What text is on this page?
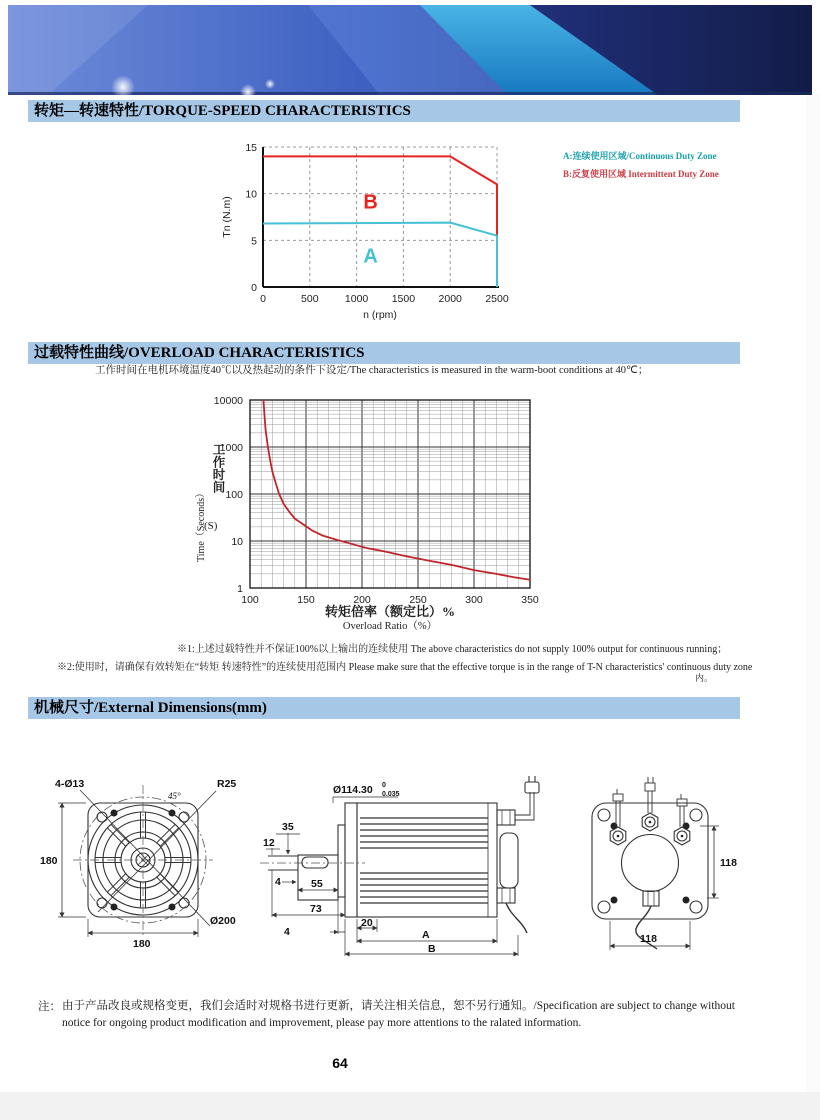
转矩—转速特性/TORQUE-SPEED CHARACTERISTICS
0	500	1000 1500 2000 2500
0
5
10
15
B
A
n (rpm)
Tn (N.m)
A:连续使用区域/Continuous Duty Zone
B:反复使用区域 Intermittent Duty Zone
过载特性曲线/OVERLOAD CHARACTERISTICS
工作时间在电机环境温度40℃以及热起动的条件下设定/The characteristics is measured in the warm-boot conditions at 40℃；
100	150	200	250	300	350
1
10
100
1000
10000
Time（Seconds）
工作时间
(S)
转矩倍率（额定比）%
Overload Ratio（%）
※1:上述过载特性并不保证100%以上输出的连续使用 The above characteristics do not supply 100% output for continuous running；
※2:使用时，请确保有效转矩在“转矩 转速特性”的连续使用范围内 Please make sure that the effective torque is in the range of T-N characteristics' continuous duty zone
内。
机械尺寸/External Dimensions(mm)
4-Ø13
45°
R25
180
180
Ø200
Ø114.30 0
0.035
35
12
4	55
73
4
20
A
B
118
118
注： 由于产品改良或规格变更，我们会适时对规格书进行更新，请关注相关信息，恕不另行通知。/Specification are subject to change without notice for ongoing product modification and improvement, please pay more attentions to the ralated information.
64
